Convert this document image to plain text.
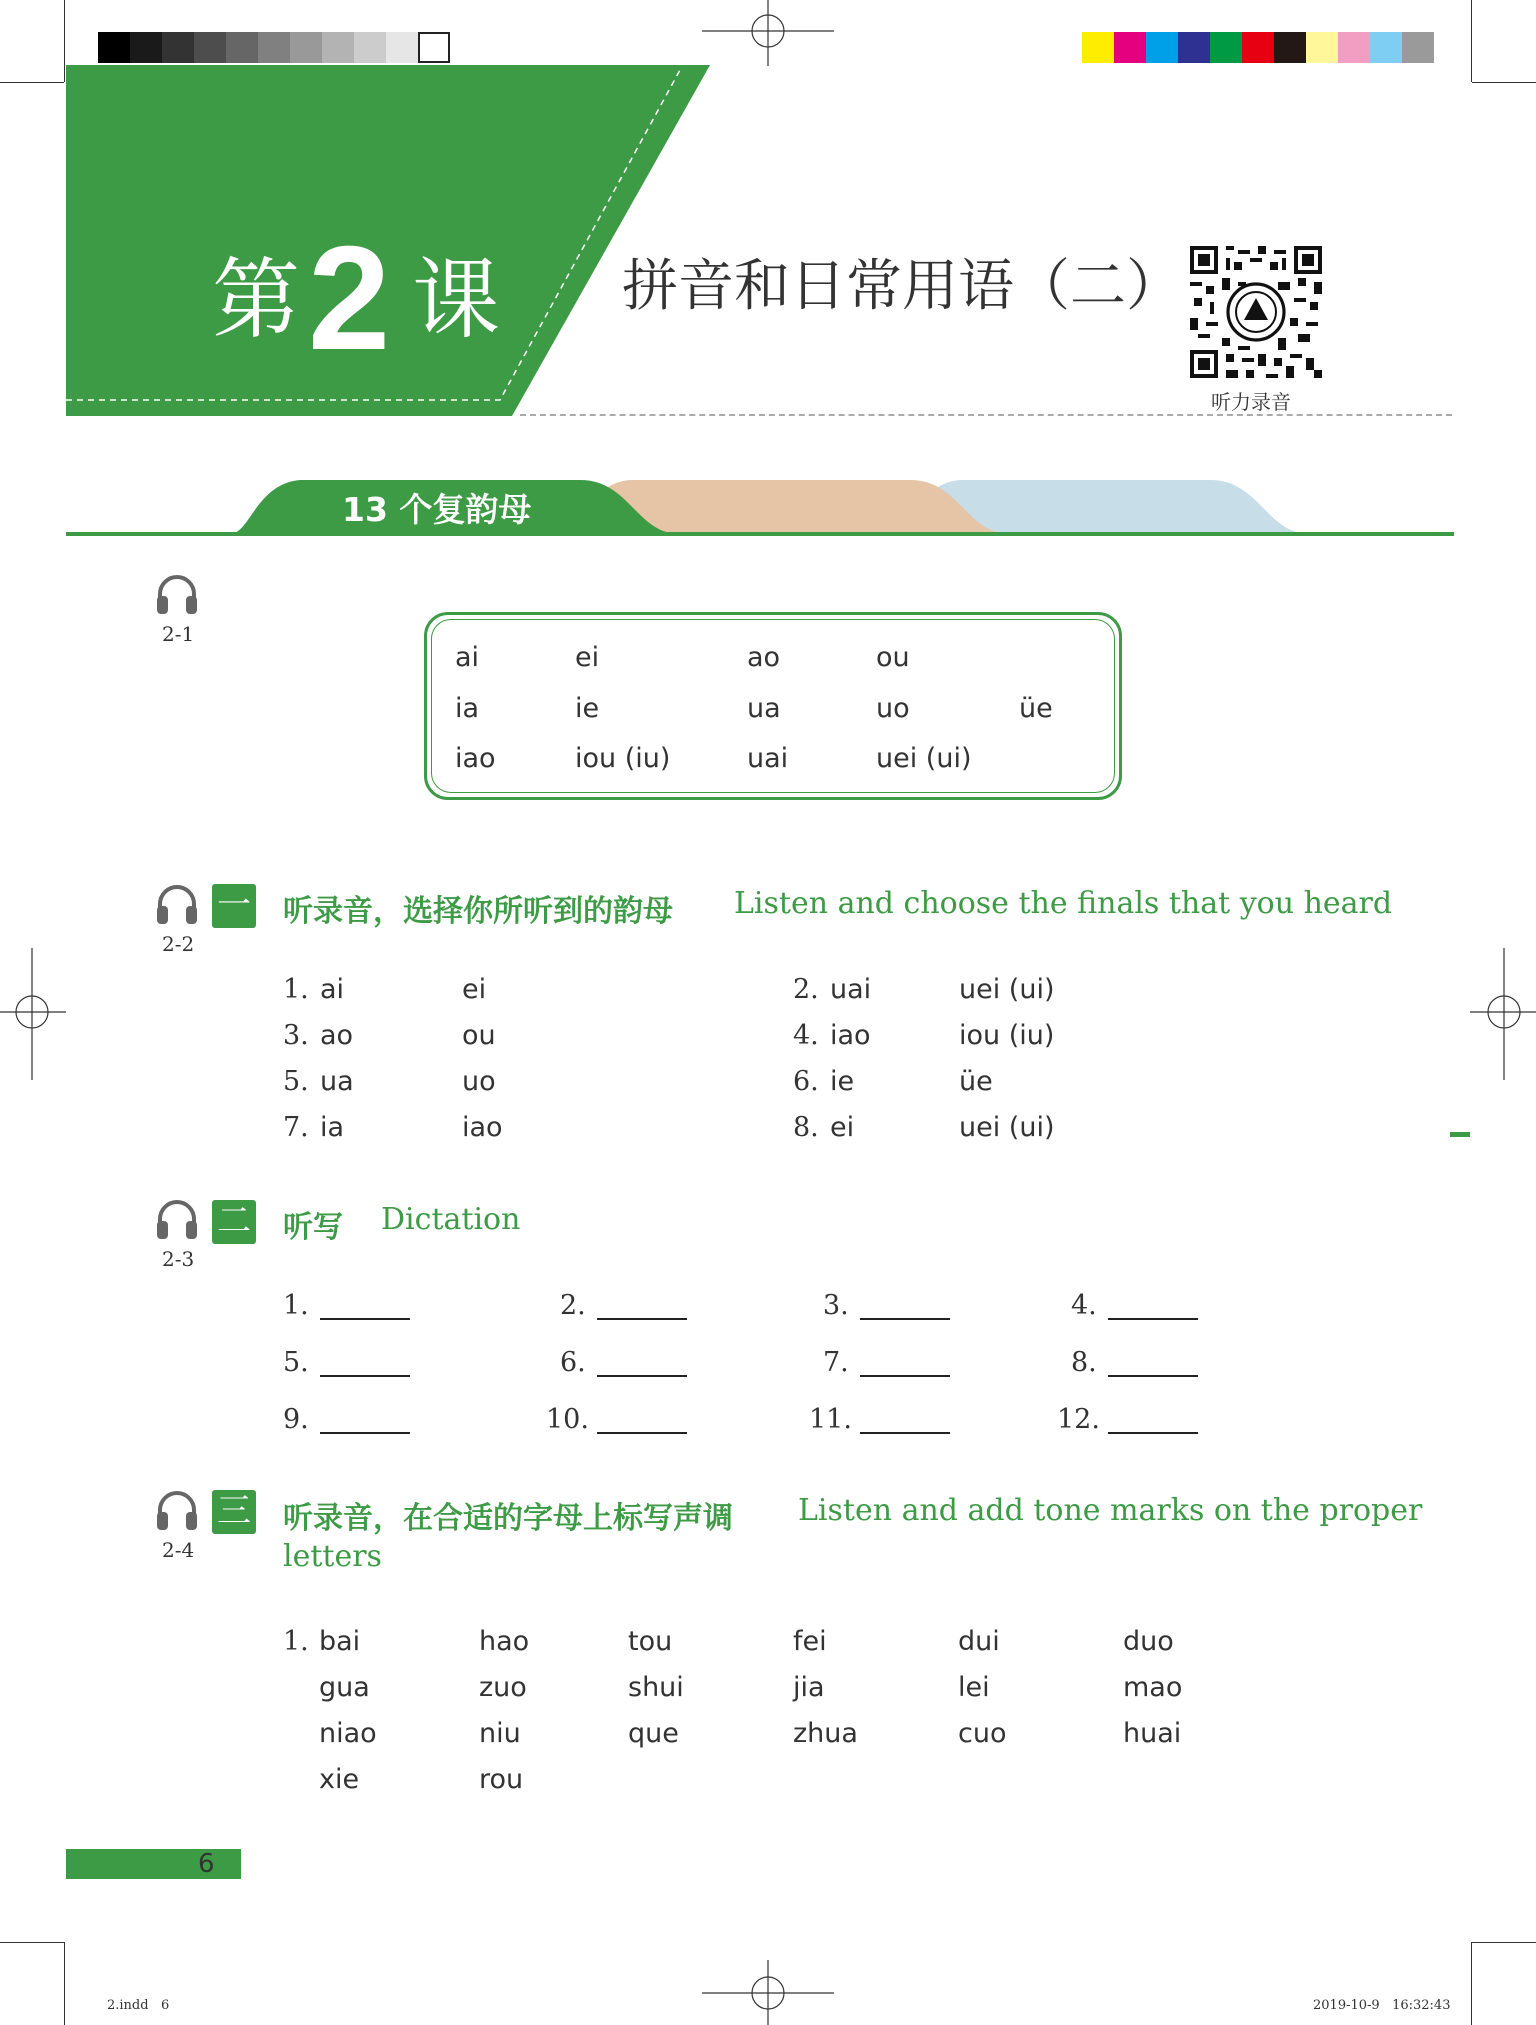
第 2 课 拼音和日常用语（二）
听力录音
13 个复韵母
2-1
2-2
2-3
2-4
ai	ei	ao	ou
ia	ie	ua	uo	üe
iao	iou (iu)	uai	uei (ui)
一 听录音，选择你所听到的韵母 Listen and choose the finals that you heard
1. ai	ei	2. uai	uei (ui)
3. ao	ou	4. iao	iou (iu)
5. ua	uo	6. ie	üe
7. ia	iao	8. ei	uei (ui)
二 听写 Dictation
1.	2.	3.	4.
5.	6.	7.	8.
9.	10.	11.	12.
三 听录音，在合适的字母上标写声调 Listen and add tone marks on the proper
letters
1. bai	hao	tou	fei	dui	duo
gua	zuo	shui	jia	lei	mao
niao	niu	que	zhua	cuo	huai
xie	rou
6
2.indd   6	2019-10-9   16:32:43
